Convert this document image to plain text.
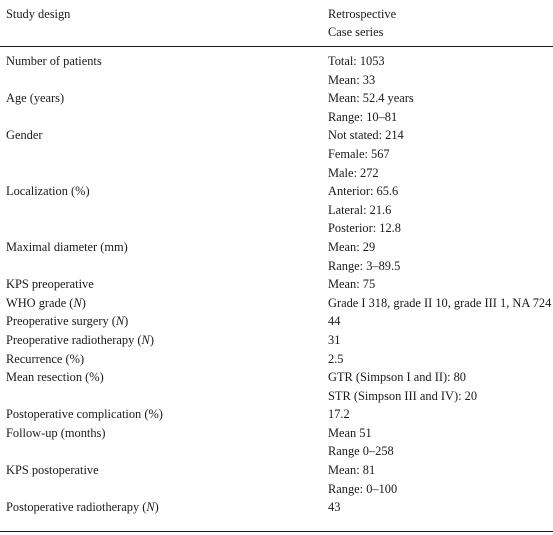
Study design	Retrospective
Case series
Number of patients	Total: 1053
Mean: 33
Age (years)	Mean: 52.4 years
Range: 10–81
Gender	Not stated: 214
Female: 567
Male: 272
Localization (%)	Anterior: 65.6
Lateral: 21.6
Posterior: 12.8
Maximal diameter (mm)	Mean: 29
Range: 3–89.5
KPS preoperative	Mean: 75
WHO grade (N)	Grade I 318, grade II 10, grade III 1, NA 724
Preoperative surgery (N)	44
Preoperative radiotherapy (N)	31
Recurrence (%)	2.5
Mean resection (%)	GTR (Simpson I and II): 80
STR (Simpson III and IV): 20
Postoperative complication (%)	17.2
Follow-up (months)	Mean 51
Range 0–258
KPS postoperative	Mean: 81
Range: 0–100
Postoperative radiotherapy (N)	43
